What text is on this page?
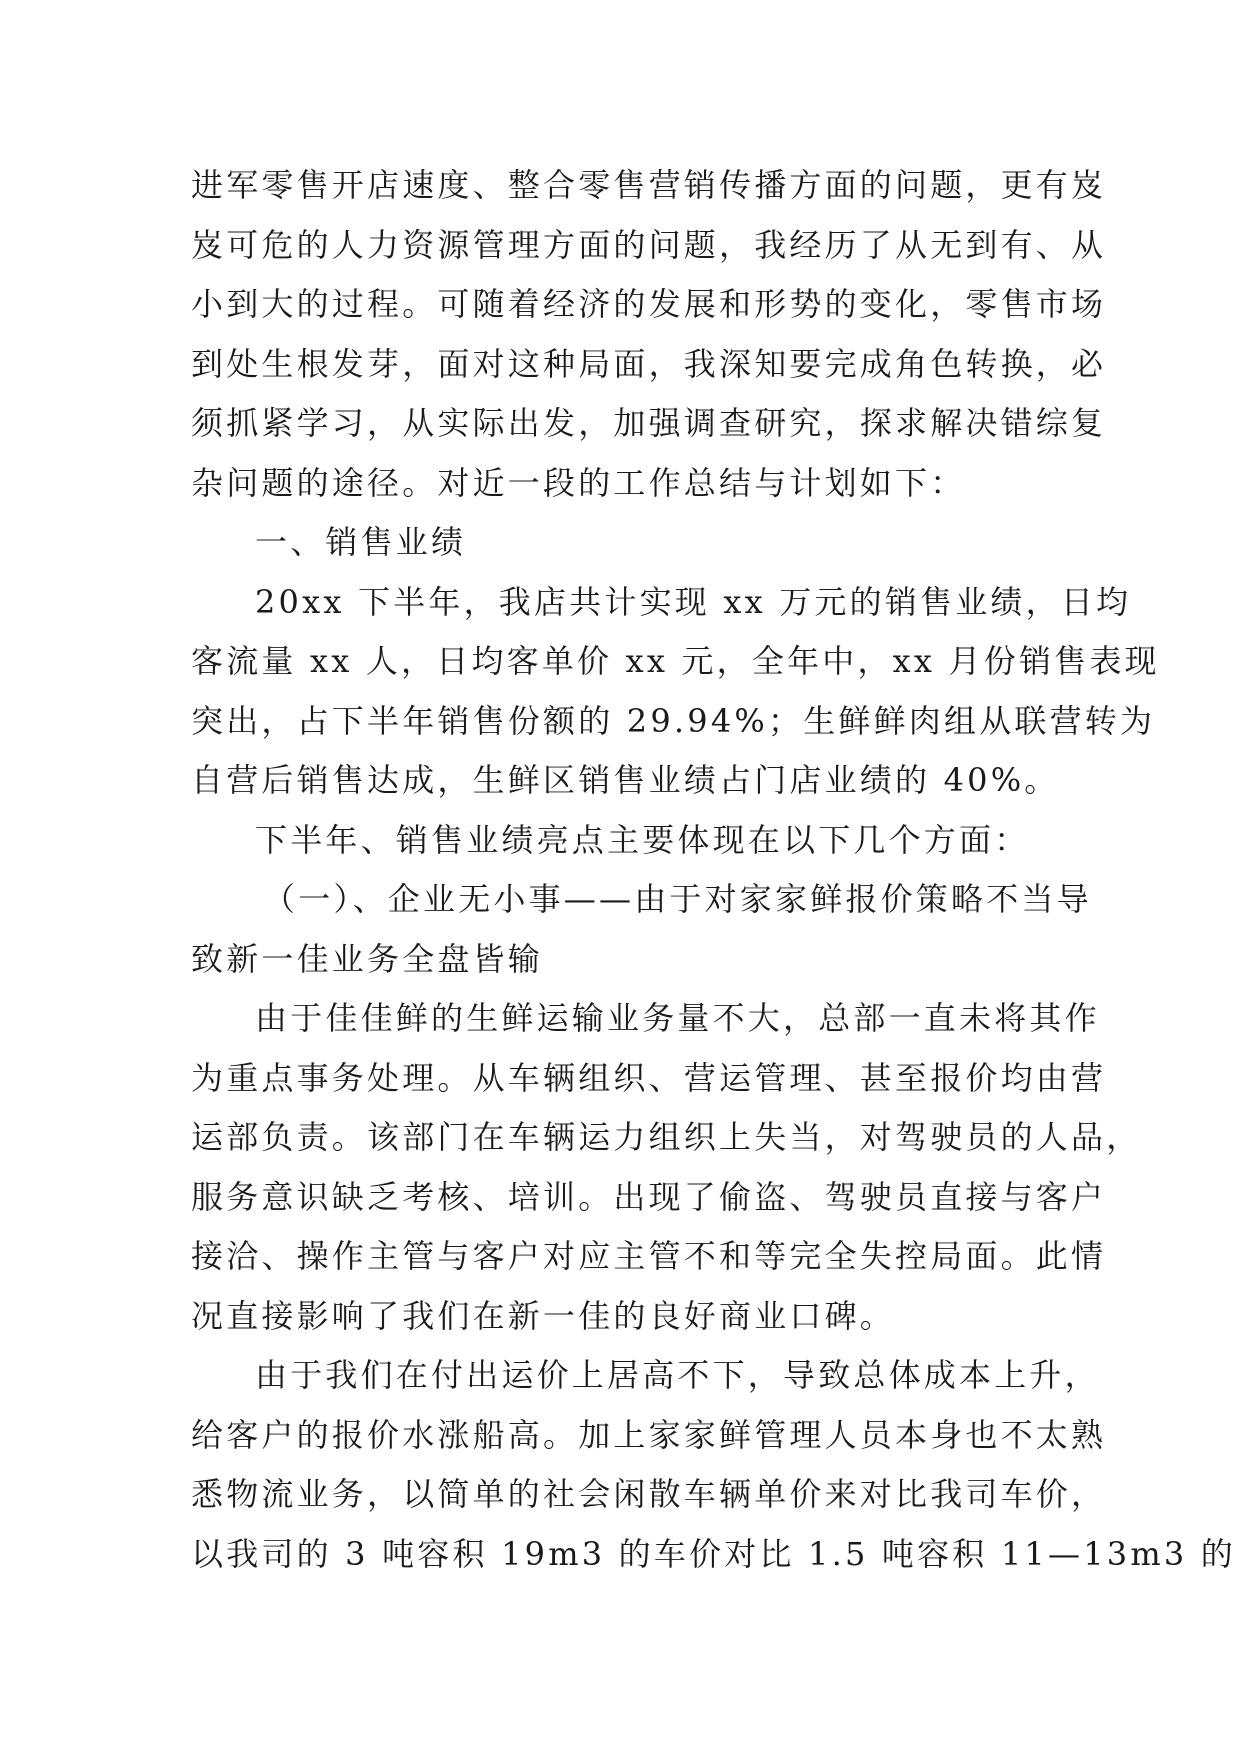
进军零售开店速度、整合零售营销传播方面的问题，更有岌
岌可危的人力资源管理方面的问题，我经历了从无到有、从
小到大的过程。可随着经济的发展和形势的变化，零售市场
到处生根发芽，面对这种局面，我深知要完成角色转换，必
须抓紧学习，从实际出发，加强调查研究，探求解决错综复
杂问题的途径。对近一段的工作总结与计划如下：
一、销售业绩
20xx 下半年，我店共计实现 xx 万元的销售业绩，日均
客流量 xx 人，日均客单价 xx 元，全年中，xx 月份销售表现
突出，占下半年销售份额的 29.94%；生鲜鲜肉组从联营转为
自营后销售达成，生鲜区销售业绩占门店业绩的 40%。
下半年、销售业绩亮点主要体现在以下几个方面：
（一）、企业无小事——由于对家家鲜报价策略不当导
致新一佳业务全盘皆输
由于佳佳鲜的生鲜运输业务量不大，总部一直未将其作
为重点事务处理。从车辆组织、营运管理、甚至报价均由营
运部负责。该部门在车辆运力组织上失当，对驾驶员的人品，
服务意识缺乏考核、培训。出现了偷盗、驾驶员直接与客户
接洽、操作主管与客户对应主管不和等完全失控局面。此情
况直接影响了我们在新一佳的良好商业口碑。
由于我们在付出运价上居高不下，导致总体成本上升，
给客户的报价水涨船高。加上家家鲜管理人员本身也不太熟
悉物流业务，以简单的社会闲散车辆单价来对比我司车价，
以我司的 3 吨容积 19m3 的车价对比 1.5 吨容积 11—13m3 的
